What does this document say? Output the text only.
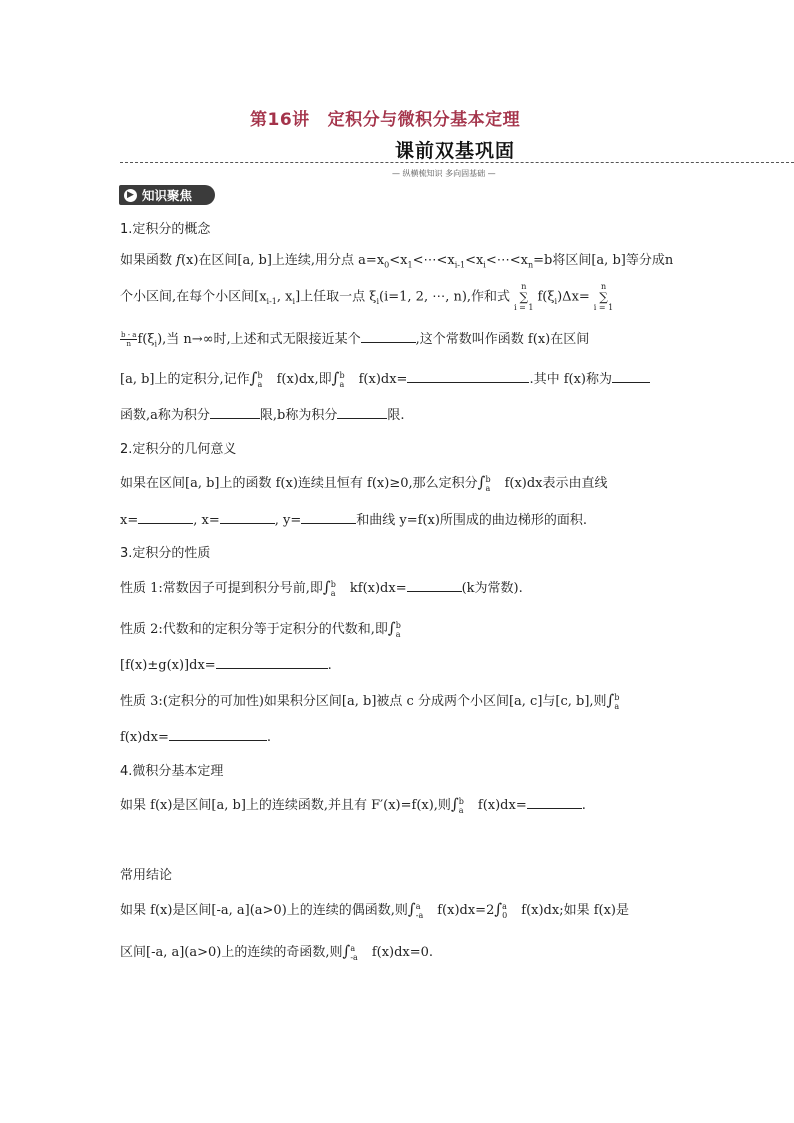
第16讲 定积分与微积分基本定理
课前双基巩固
— 纵横梳知识 多向固基础 —
▶ 知识聚焦
1.定积分的概念
如果函数 f(x)在区间[a, b]上连续,用分点 $a=x_0<x_1<\cdots<x_{i-1}<x_i<\cdots<x_n=b$将区间[a, b]等分成n
个小区间,在每个小区间[$x_{i-1}$, $x_i$]上任取一点 $\xi_i(i=1$, 2, ⋯, n),作和式
n
∑
i = 1
$f(\xi_i)\Delta x=$
n
∑
i = 1
$\frac{b - a}{n} f(\xi_i)$,当 n→∞时,上述和式无限接近某个	,这个常数叫作函数 f(x)在区间
[a, b]上的定积分,记作∫ b
a f(x)dx,即∫ b
a f(x)dx=	.其中 f(x)称为
函数,a称为积分	限,b称为积分	限.
2.定积分的几何意义
如果在区间[a, b]上的函数 f(x)连续且恒有 f(x)≥0,那么定积分∫ b
a f(x)dx表示由直线
x=	, x=	, y=	和曲线 y=f(x)所围成的曲边梯形的面积.
3.定积分的性质
性质 1:常数因子可提到积分号前,即∫ b
a kf(x)dx=	(k为常数).
性质 2:代数和的定积分等于定积分的代数和,即∫ b
a
[f(x)±g(x)]dx=	.
性质 3:(定积分的可加性)如果积分区间[a, b]被点 c 分成两个小区间[a, c]与[c, b],则∫ b
a
f(x)dx=	.
4.微积分基本定理
如果 f(x)是区间[a, b]上的连续函数,并且有 F′(x)=f(x),则∫ b
a f(x)dx=	.
常用结论
如果 f(x)是区间[-a, a](a>0)上的连续的偶函数,则∫ a
-a f(x)dx=2∫ a
0 f(x)dx;如果 f(x)是
区间[-a, a](a>0)上的连续的奇函数,则∫ a
-a f(x)dx=0.
